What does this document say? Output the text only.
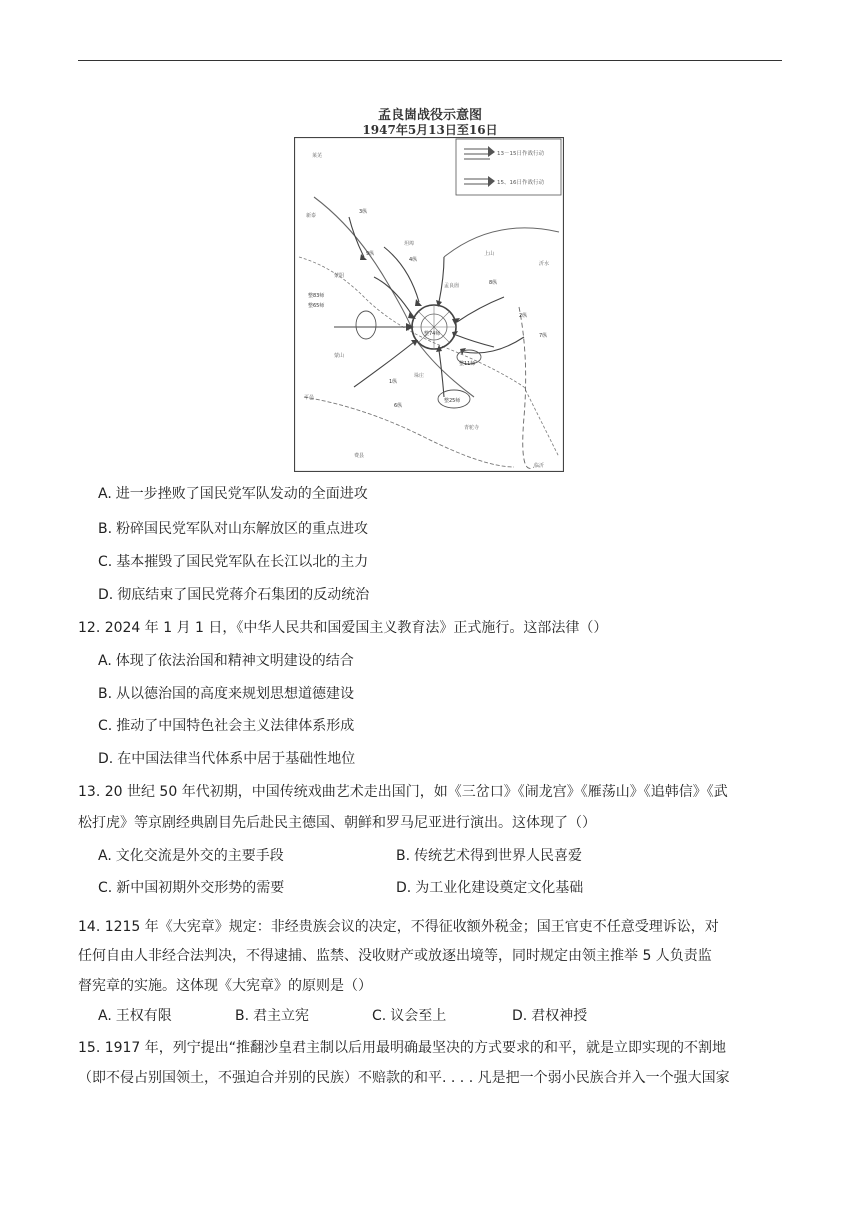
孟良崮战役示意图
1947年5月13日至16日
13－15日作战行动
15、16日作战行动
上山
沂水
新泰
莱芜
蒙阴
坦埠
孟良崮
垛庄
青驼寺
费县
蒙山
临沂
平邑
3纵
9纵
4纵
1纵
6纵
8纵
2纵
7纵
整83师
整65师
整11师
整74师
整25师
A. 进一步挫败了国民党军队发动的全面进攻
B. 粉碎国民党军队对山东解放区的重点进攻
C. 基本摧毁了国民党军队在长江以北的主力
D. 彻底结束了国民党蒋介石集团的反动统治
12. 2024 年 1 月 1 日，《中华人民共和国爱国主义教育法》正式施行。这部法律（）
A. 体现了依法治国和精神文明建设的结合
B. 从以德治国的高度来规划思想道德建设
C. 推动了中国特色社会主义法律体系形成
D. 在中国法律当代体系中居于基础性地位
13. 20 世纪 50 年代初期，中国传统戏曲艺术走出国门，如《三岔口》《闹龙宫》《雁荡山》《追韩信》《武
松打虎》等京剧经典剧目先后赴民主德国、朝鲜和罗马尼亚进行演出。这体现了（）
A. 文化交流是外交的主要手段	B. 传统艺术得到世界人民喜爱
C. 新中国初期外交形势的需要	D. 为工业化建设奠定文化基础
14. 1215 年《大宪章》规定：非经贵族会议的决定，不得征收额外税金；国王官吏不任意受理诉讼，对
任何自由人非经合法判决，不得逮捕、监禁、没收财产或放逐出境等，同时规定由领主推举 5 人负责监
督宪章的实施。这体现《大宪章》的原则是（）
A. 王权有限	B. 君主立宪	C. 议会至上	D. 君权神授
15. 1917 年，列宁提出“推翻沙皇君主制以后用最明确最坚决的方式要求的和平，就是立即实现的不割地
（即不侵占别国领土，不强迫合并别的民族）不赔款的和平. . . . 凡是把一个弱小民族合并入一个强大国家
